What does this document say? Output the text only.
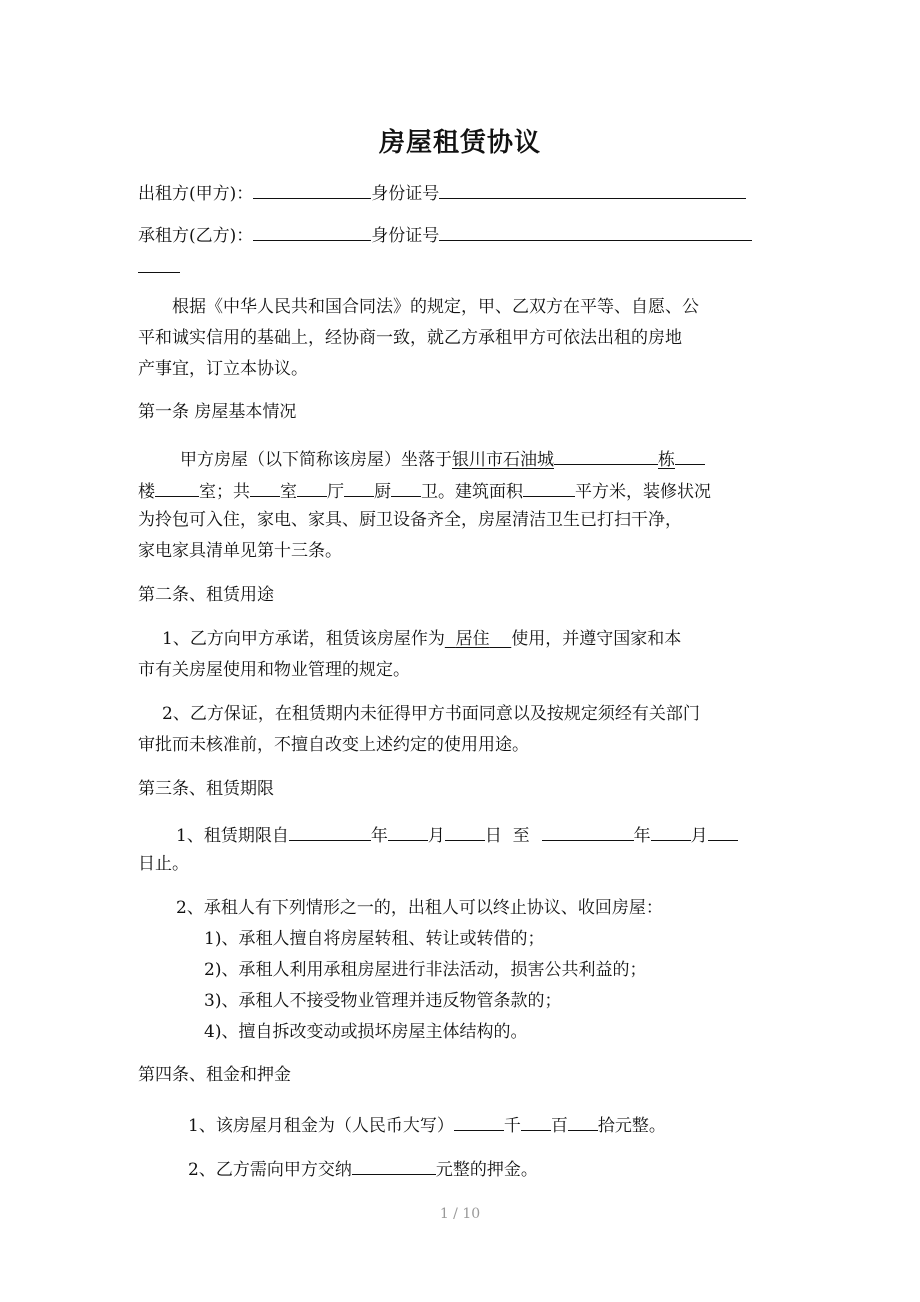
房屋租赁协议
出租方(甲方)：	身份证号
承租方(乙方)：	身份证号
根据《中华人民共和国合同法》的规定，甲、乙双方在平等、自愿、公
平和诚实信用的基础上，经协商一致，就乙方承租甲方可依法出租的房地
产事宜，订立本协议。
第一条 房屋基本情况
甲方房屋（以下简称该房屋）坐落于银川市石油城	栋
楼	室；共 室 厅 厨 卫。建筑面积	平方米，装修状况
为拎包可入住，家电、家具、厨卫设备齐全，房屋清洁卫生已打扫干净，
家电家具清单见第十三条。
第二条、租赁用途
1、乙方向甲方承诺，租赁该房屋作为 居住 使用，并遵守国家和本
市有关房屋使用和物业管理的规定。
2、乙方保证，在租赁期内未征得甲方书面同意以及按规定须经有关部门
审批而未核准前，不擅自改变上述约定的使用用途。
第三条、租赁期限
1、租赁期限自	年 月 日  至	年 月
日止。
2、承租人有下列情形之一的，出租人可以终止协议、收回房屋：
1)、承租人擅自将房屋转租、转让或转借的；
2)、承租人利用承租房屋进行非法活动，损害公共利益的；
3)、承租人不接受物业管理并违反物管条款的；
4)、擅自拆改变动或损坏房屋主体结构的。
第四条、租金和押金
1、该房屋月租金为（人民币大写）	千 百 拾元整。
2、乙方需向甲方交纳	元整的押金。
1 / 10
